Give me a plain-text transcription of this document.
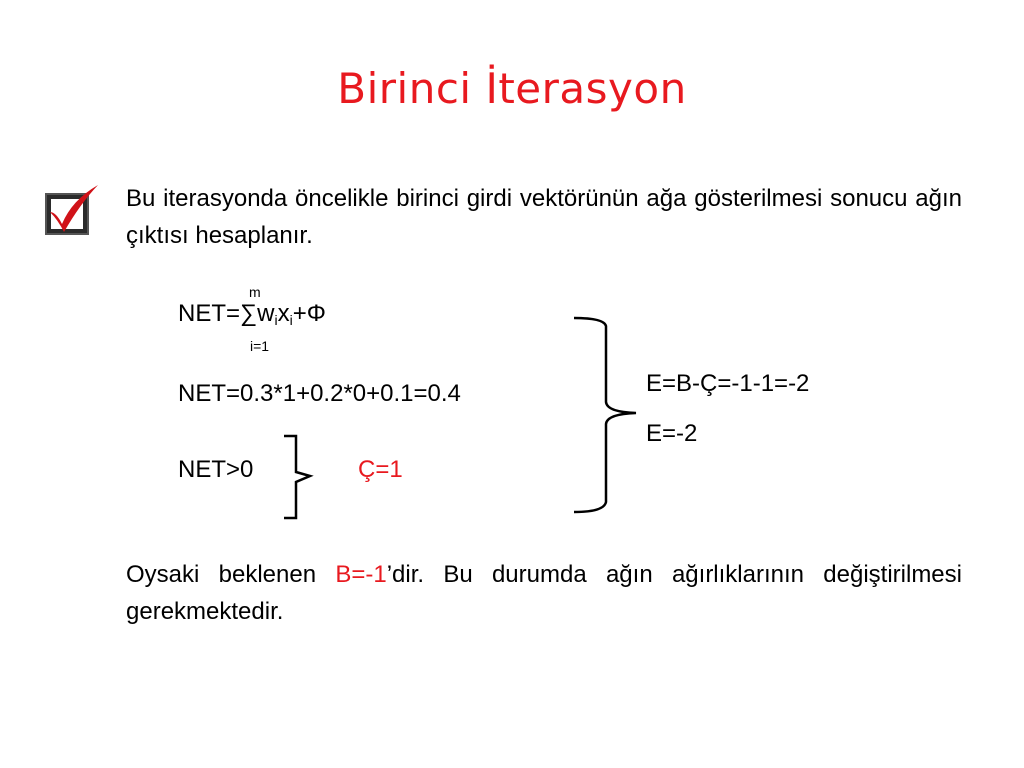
Birinci İterasyon
Bu iterasyonda öncelikle birinci girdi vektörünün ağa gösterilmesi sonucu ağın çıktısı hesaplanır.
$NET=\sum w_ix_i+\Phi$
m
i=1
NET=0.3*1+0.2*0+0.1=0.4
NET>0	Ç=1
E=B-Ç=-1-1=-2
E=-2
Oysaki beklenen B=-1’dir. Bu durumda ağın ağırlıklarının değiştirilmesi gerekmektedir.
